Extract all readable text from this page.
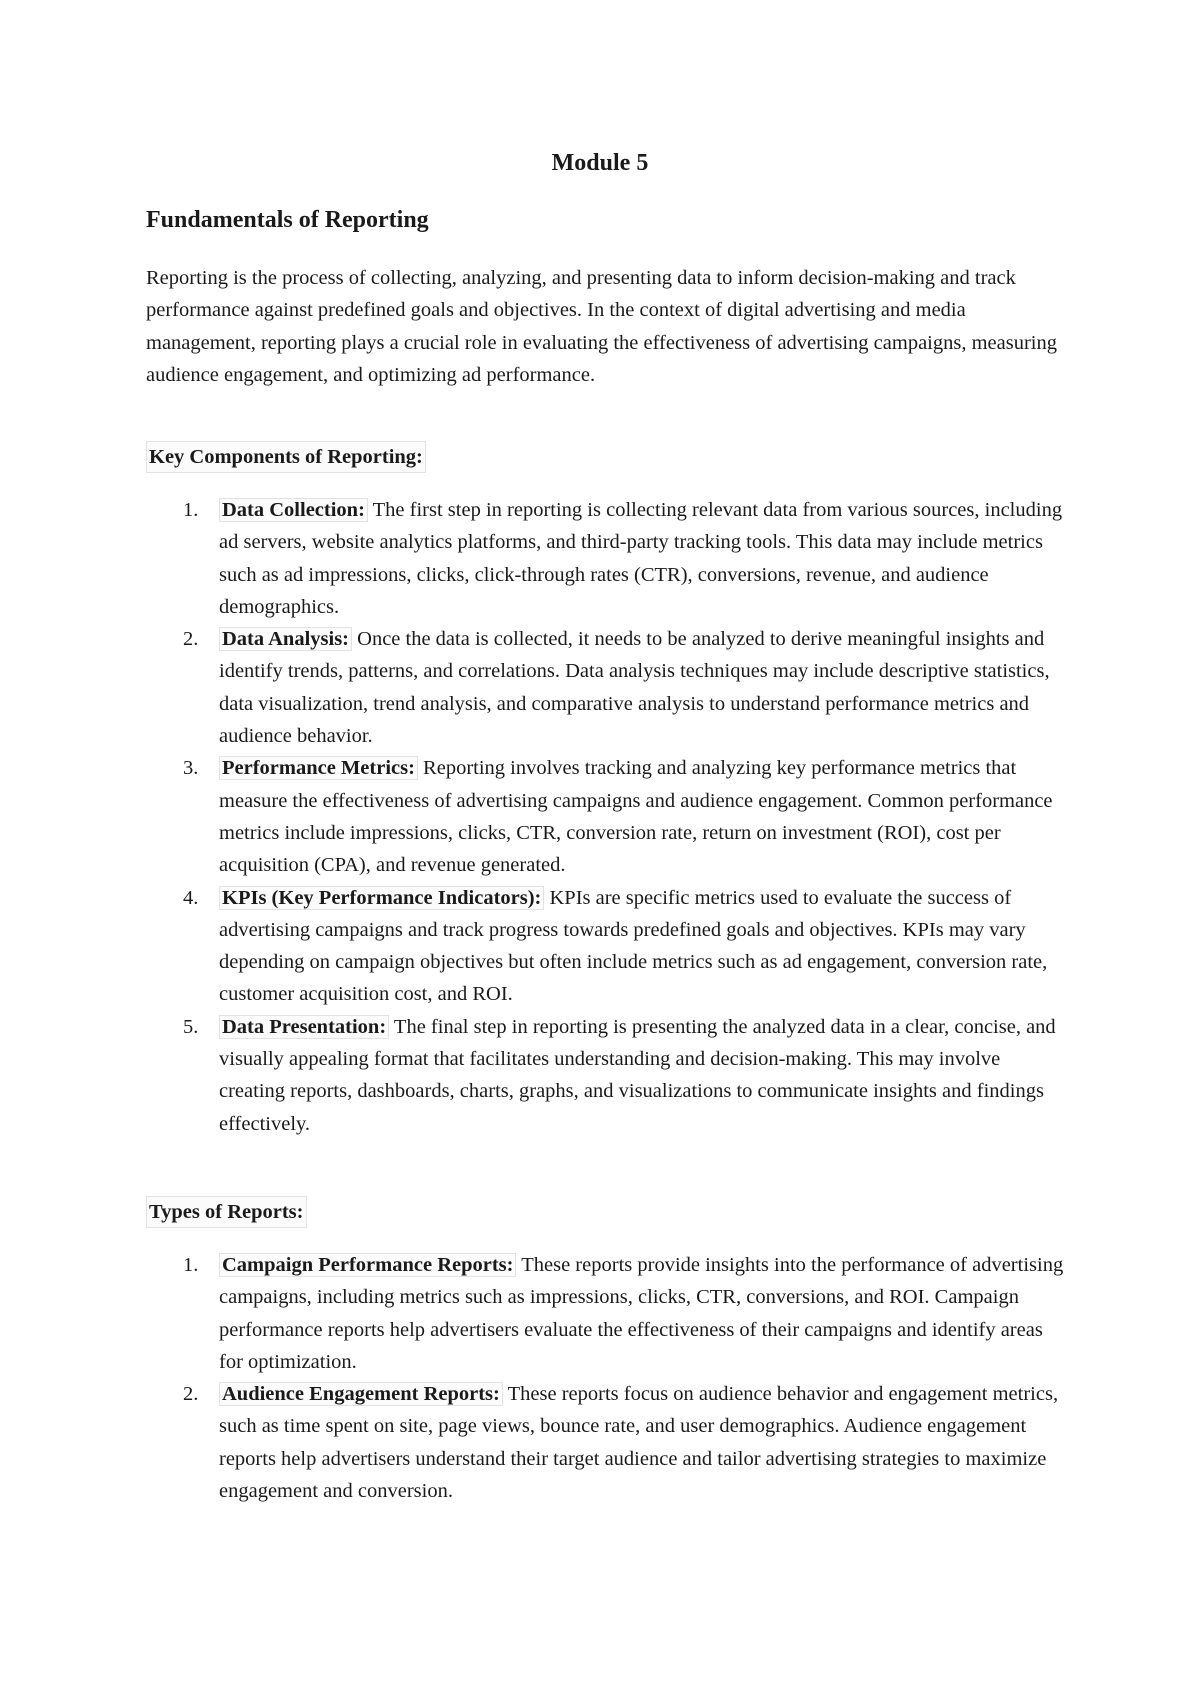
Module 5
Fundamentals of Reporting

Reporting is the process of collecting, analyzing, and presenting data to inform decision-making and track performance against predefined goals and objectives. In the context of digital advertising and media management, reporting plays a crucial role in evaluating the effectiveness of advertising campaigns, measuring audience engagement, and optimizing ad performance.

Key Components of Reporting:
1. Data Collection: The first step in reporting is collecting relevant data from various sources, including ad servers, website analytics platforms, and third-party tracking tools. This data may include metrics such as ad impressions, clicks, click-through rates (CTR), conversions, revenue, and audience demographics.
2. Data Analysis: Once the data is collected, it needs to be analyzed to derive meaningful insights and identify trends, patterns, and correlations. Data analysis techniques may include descriptive statistics, data visualization, trend analysis, and comparative analysis to understand performance metrics and audience behavior.
3. Performance Metrics: Reporting involves tracking and analyzing key performance metrics that measure the effectiveness of advertising campaigns and audience engagement. Common performance metrics include impressions, clicks, CTR, conversion rate, return on investment (ROI), cost per acquisition (CPA), and revenue generated.
4. KPIs (Key Performance Indicators): KPIs are specific metrics used to evaluate the success of advertising campaigns and track progress towards predefined goals and objectives. KPIs may vary depending on campaign objectives but often include metrics such as ad engagement, conversion rate, customer acquisition cost, and ROI.
5. Data Presentation: The final step in reporting is presenting the analyzed data in a clear, concise, and visually appealing format that facilitates understanding and decision-making. This may involve creating reports, dashboards, charts, graphs, and visualizations to communicate insights and findings effectively.
Types of Reports:
1. Campaign Performance Reports: These reports provide insights into the performance of advertising campaigns, including metrics such as impressions, clicks, CTR, conversions, and ROI. Campaign performance reports help advertisers evaluate the effectiveness of their campaigns and identify areas for optimization.
2. Audience Engagement Reports: These reports focus on audience behavior and engagement metrics, such as time spent on site, page views, bounce rate, and user demographics. Audience engagement reports help advertisers understand their target audience and tailor advertising strategies to maximize engagement and conversion.
